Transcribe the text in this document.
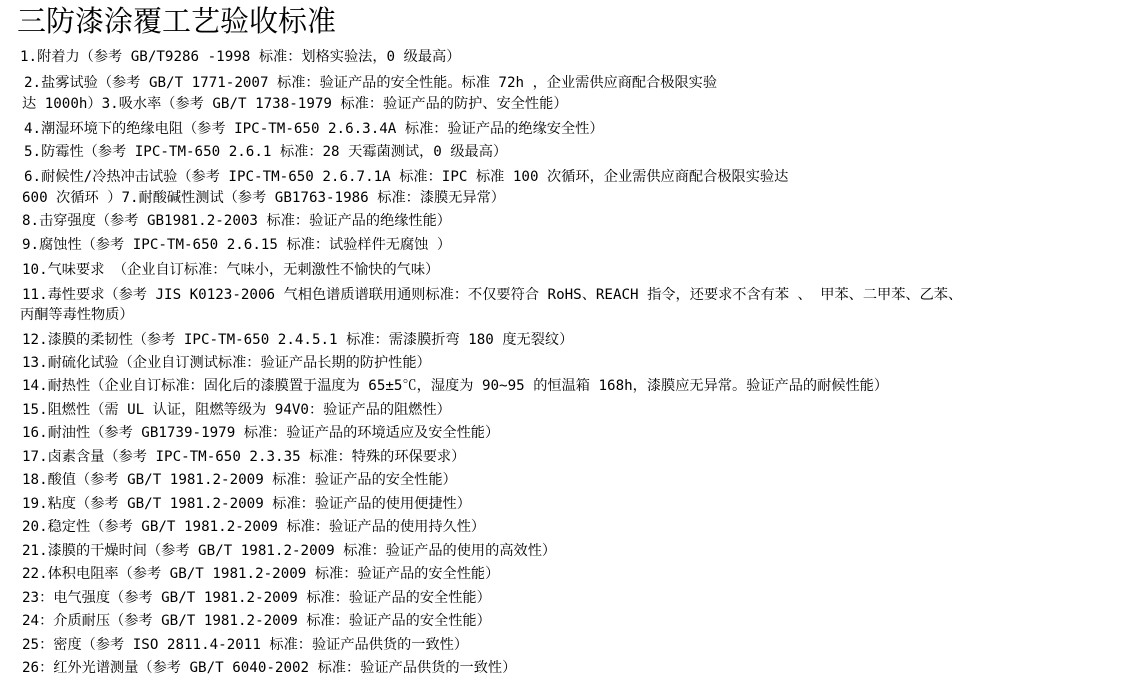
三防漆涂覆工艺验收标准
1.附着力（参考 GB/T9286 -1998 标准：划格实验法，0 级最高）
2.盐雾试验（参考 GB/T 1771-2007 标准：验证产品的安全性能。标准 72h ，企业需供应商配合极限实验
达 1000h）3.吸水率（参考 GB/T 1738-1979 标准：验证产品的防护、安全性能）
4.潮湿环境下的绝缘电阻（参考 IPC-TM-650 2.6.3.4A 标准：验证产品的绝缘安全性）
5.防霉性（参考 IPC-TM-650 2.6.1 标准：28 天霉菌测试，0 级最高）
6.耐候性/冷热冲击试验（参考 IPC-TM-650 2.6.7.1A 标准：IPC 标准 100 次循环，企业需供应商配合极限实验达
600 次循环 ）7.耐酸碱性测试（参考 GB1763-1986 标准：漆膜无异常）
8.击穿强度（参考 GB1981.2-2003 标准：验证产品的绝缘性能）
9.腐蚀性（参考 IPC-TM-650 2.6.15 标准：试验样件无腐蚀 ）
10.气味要求 （企业自订标准：气味小，无刺激性不愉快的气味）
11.毒性要求（参考 JIS K0123-2006 气相色谱质谱联用通则标准：不仅要符合 RoHS、REACH 指令，还要求不含有苯 、 甲苯、二甲苯、乙苯、
丙酮等毒性物质）
12.漆膜的柔韧性（参考 IPC-TM-650 2.4.5.1 标准：需漆膜折弯 180 度无裂纹）
13.耐硫化试验（企业自订测试标准：验证产品长期的防护性能）
14.耐热性（企业自订标准：固化后的漆膜置于温度为 65±5℃，湿度为 90~95 的恒温箱 168h，漆膜应无异常。验证产品的耐候性能）
15.阻燃性（需 UL 认证，阻燃等级为 94V0：验证产品的阻燃性）
16.耐油性（参考 GB1739-1979 标准：验证产品的环境适应及安全性能）
17.卤素含量（参考 IPC-TM-650 2.3.35 标准：特殊的环保要求）
18.酸值（参考 GB/T 1981.2-2009 标准：验证产品的安全性能）
19.粘度（参考 GB/T 1981.2-2009 标准：验证产品的使用便捷性）
20.稳定性（参考 GB/T 1981.2-2009 标准：验证产品的使用持久性）
21.漆膜的干燥时间（参考 GB/T 1981.2-2009 标准：验证产品的使用的高效性）
22.体积电阻率（参考 GB/T 1981.2-2009 标准：验证产品的安全性能）
23：电气强度（参考 GB/T 1981.2-2009 标准：验证产品的安全性能）
24：介质耐压（参考 GB/T 1981.2-2009 标准：验证产品的安全性能）
25：密度（参考 ISO 2811.4-2011 标准：验证产品供货的一致性）
26：红外光谱测量（参考 GB/T 6040-2002 标准：验证产品供货的一致性）
